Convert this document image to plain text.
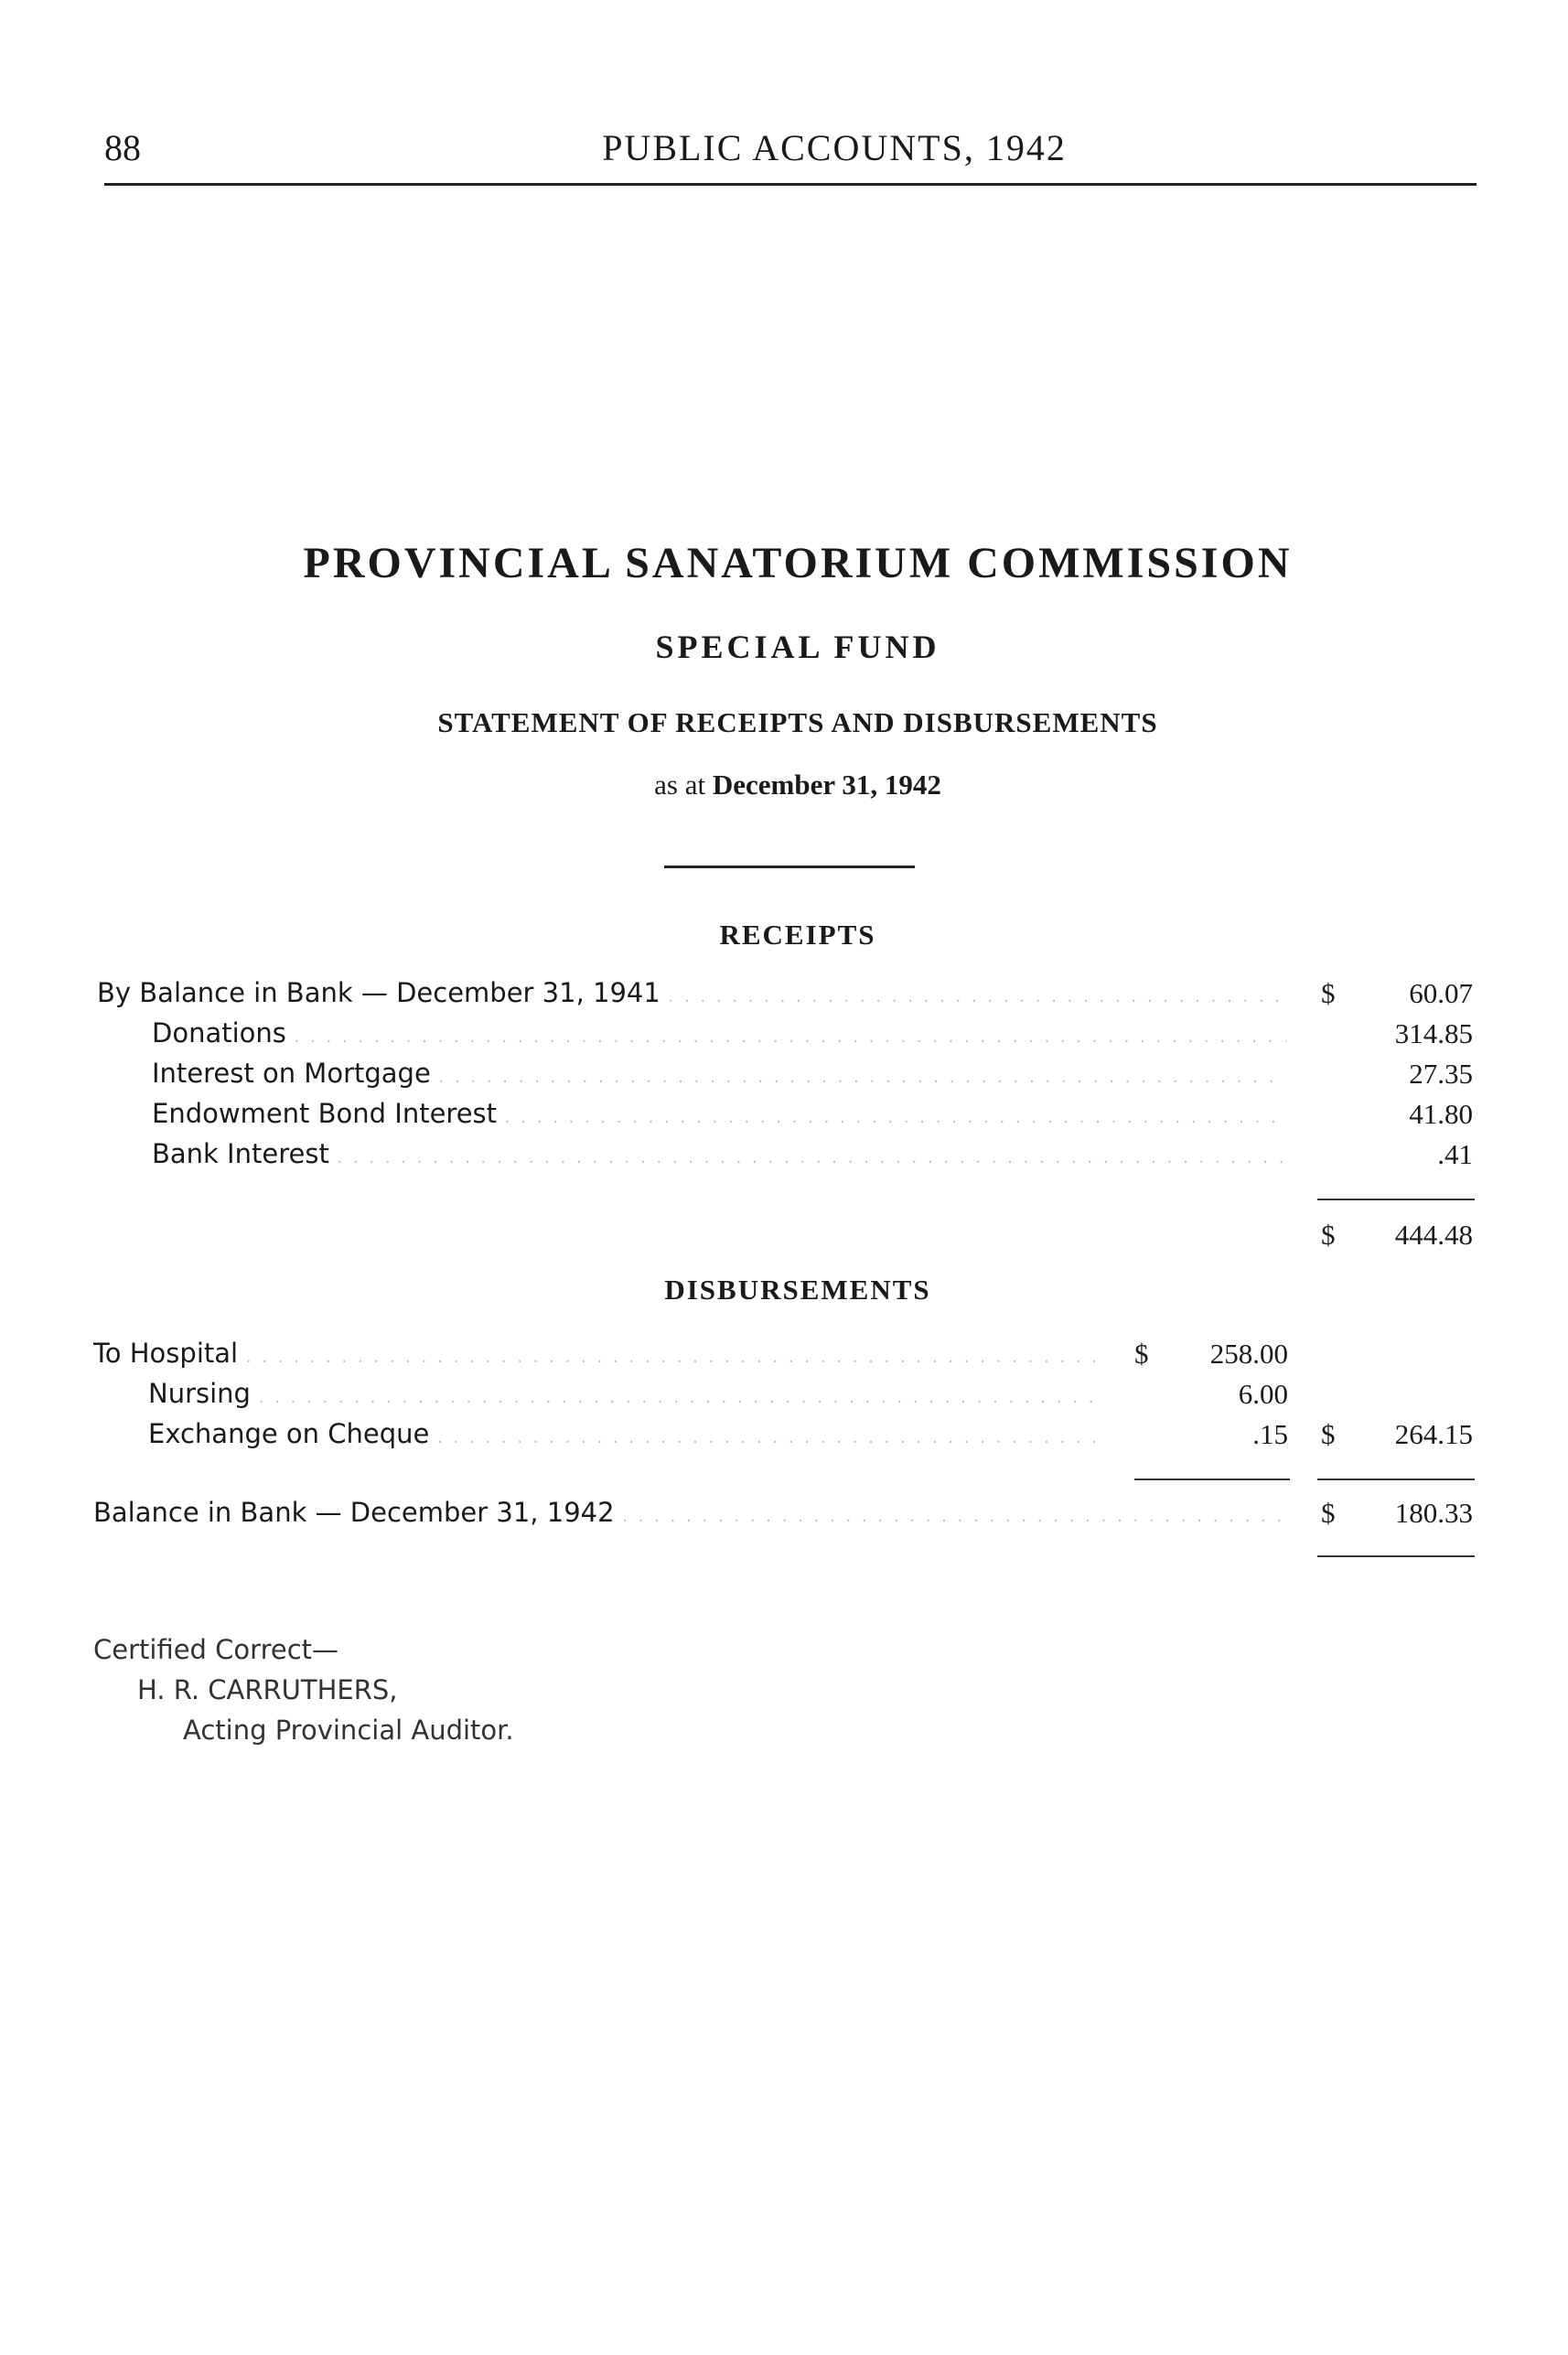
88	PUBLIC ACCOUNTS, 1942
PROVINCIAL SANATORIUM COMMISSION
SPECIAL FUND
STATEMENT OF RECEIPTS AND DISBURSEMENTS
as at December 31, 1942
RECEIPTS
By Balance in Bank — December 31, 1941 . . .	$	60.07
Donations . . .	314.85
Interest on Mortgage . . .	27.35
Endowment Bond Interest . . .	41.80
Bank Interest . . .	.41
$	444.48
DISBURSEMENTS
To Hospital . . .	$	258.00
Nursing . . .	6.00
Exchange on Cheque . . .	.15 $	264.15
Balance in Bank — December 31, 1942 . . .	$	180.33
Certified Correct—
H. R. CARRUTHERS,
Acting Provincial Auditor.
